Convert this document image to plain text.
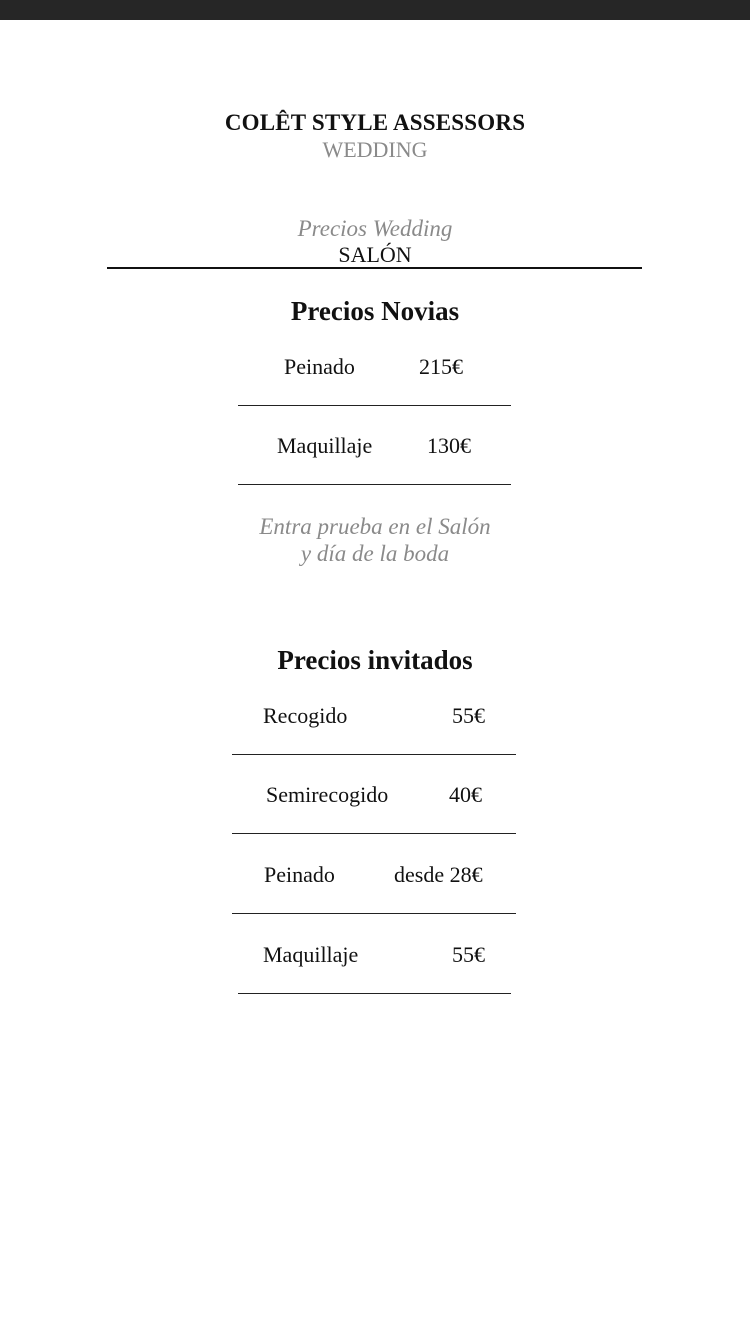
COLÊT STYLE ASSESSORS
WEDDING
Precios Wedding
SALÓN
Precios Novias
Peinado	215€
Maquillaje 130€
Entra prueba en el Salón
y día de la boda
Precios invitados
Recogido	55€
Semirecogido	40€
Peinado	desde 28€
Maquillaje	55€
